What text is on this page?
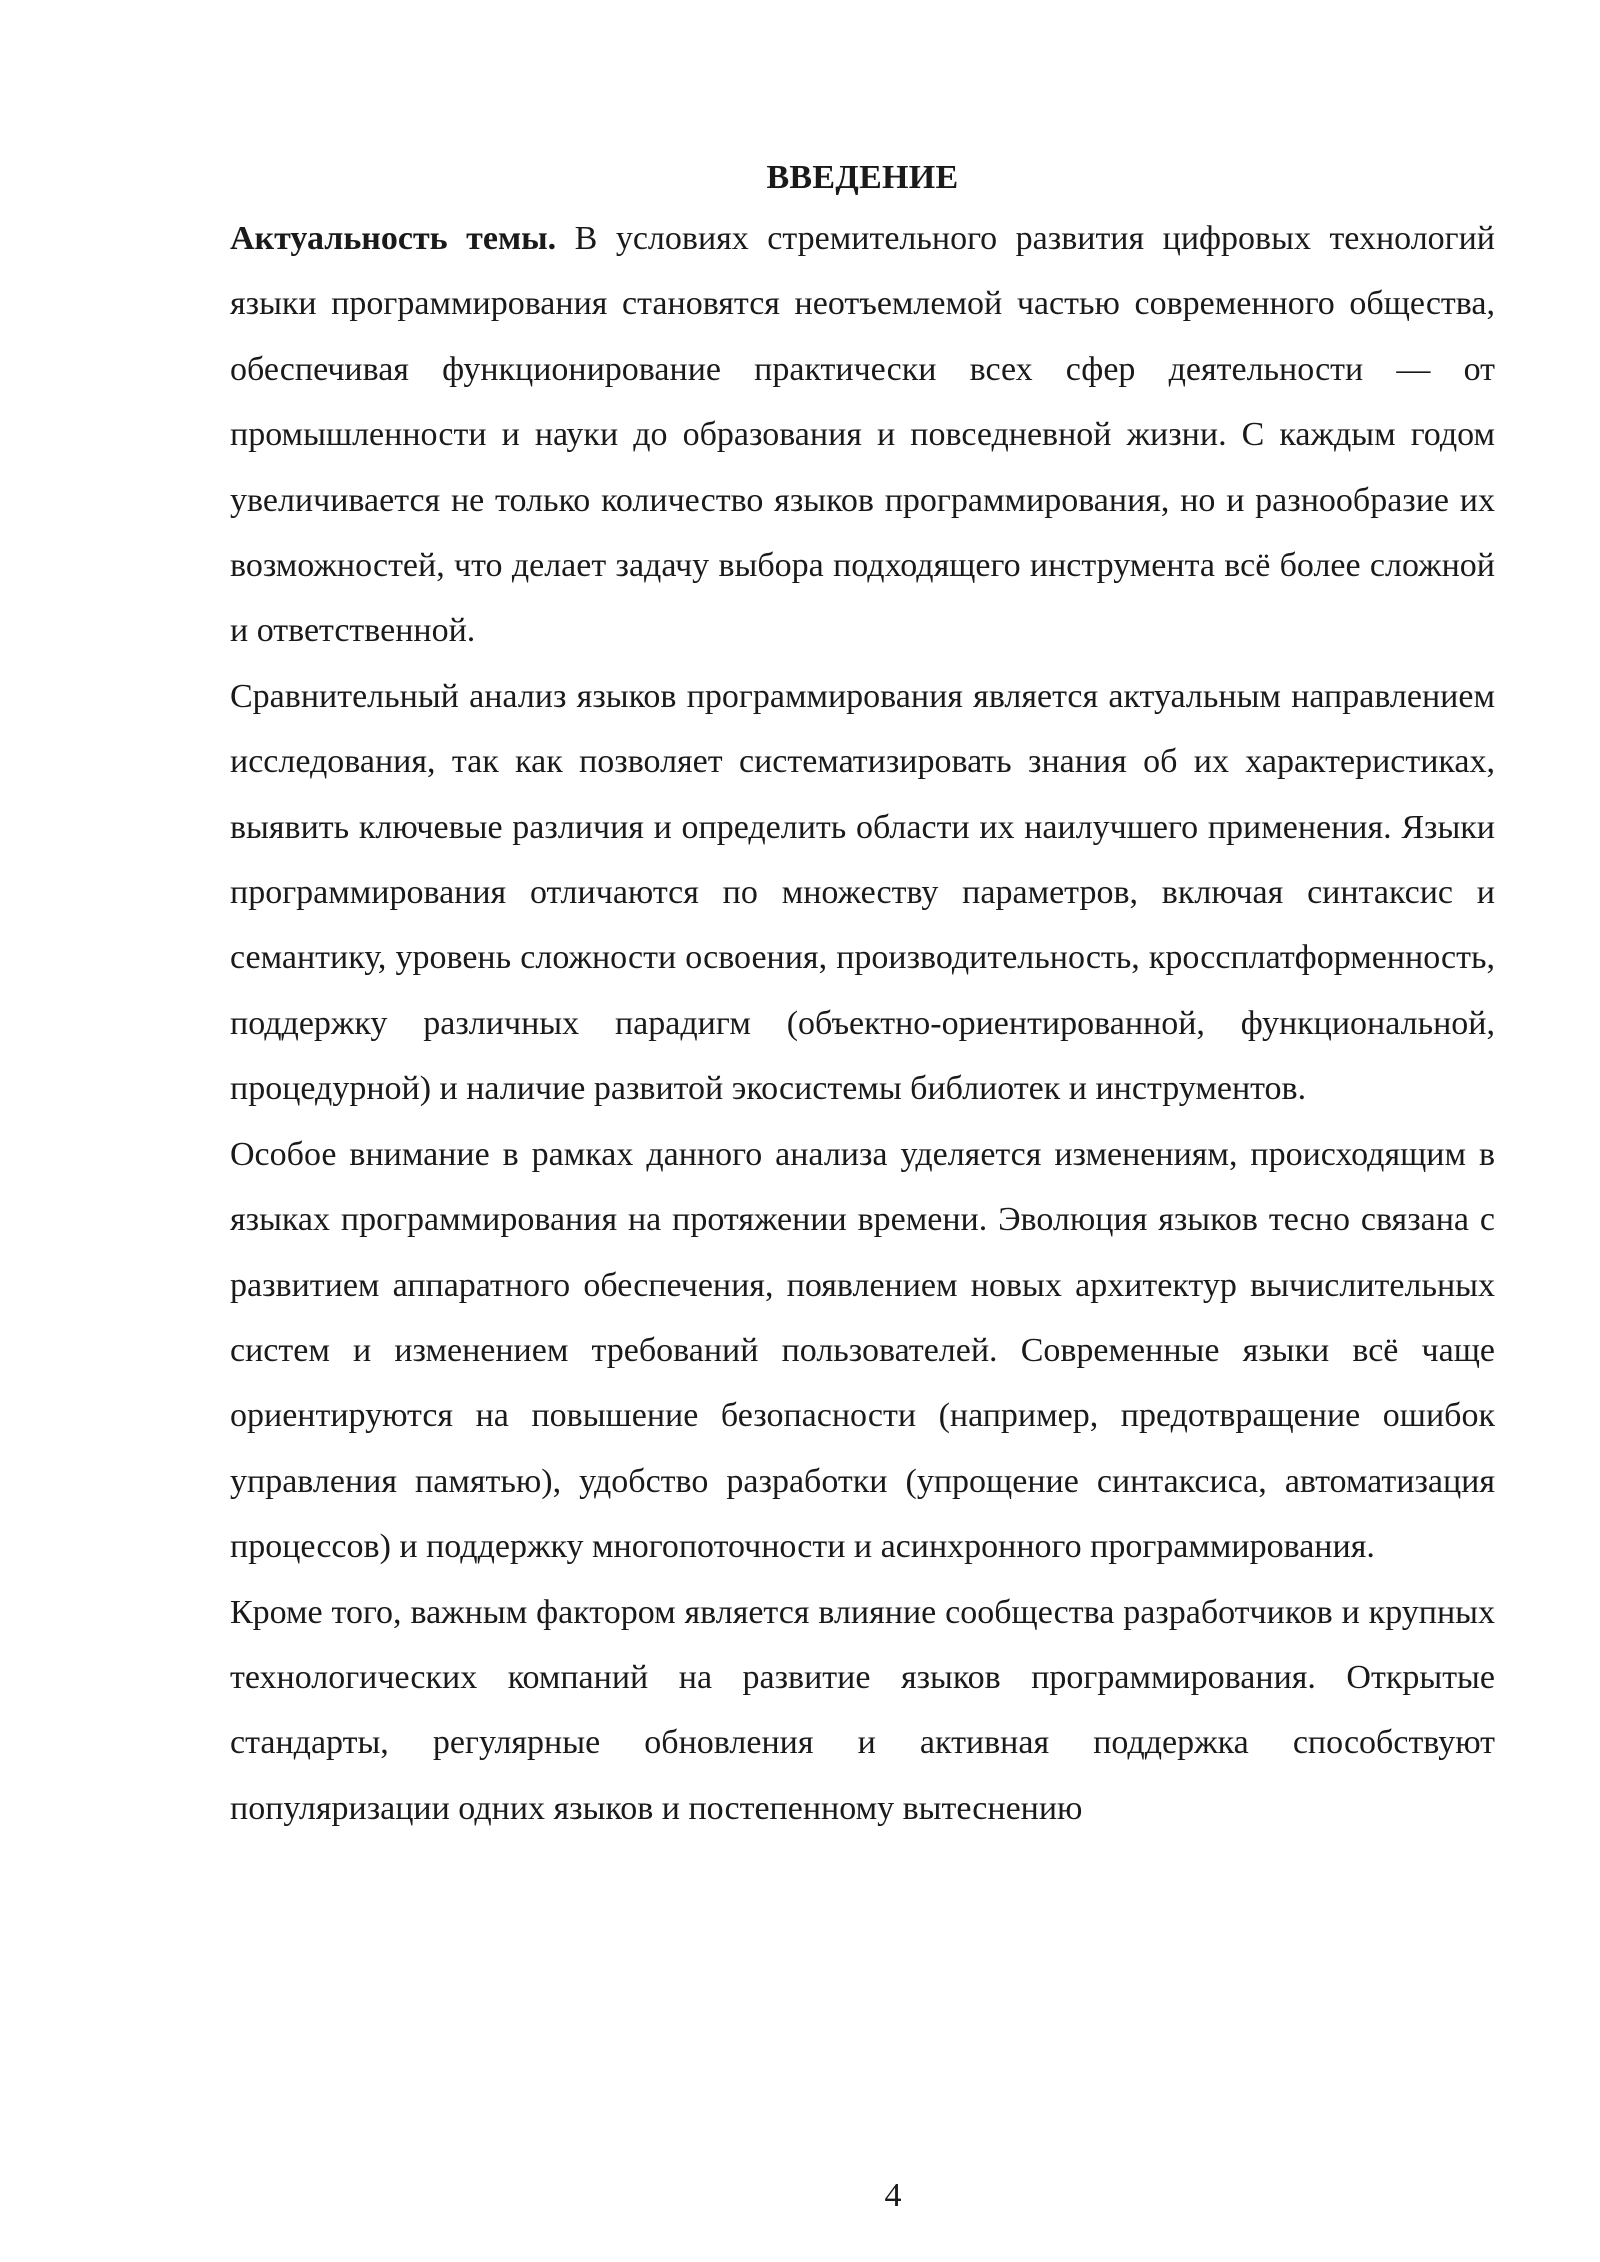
ВВЕДЕНИЕ

Актуальность темы. В условиях стремительного развития цифровых технологий языки программирования становятся неотъемлемой частью современного общества, обеспечивая функционирование практически всех сфер деятельности — от промышленности и науки до образования и повседневной жизни. С каждым годом увеличивается не только количество языков программирования, но и разнообразие их возможностей, что делает задачу выбора подходящего инструмента всё более сложной и ответственной.

Сравнительный анализ языков программирования является актуальным направлением исследования, так как позволяет систематизировать знания об их характеристиках, выявить ключевые различия и определить области их наилучшего применения. Языки программирования отличаются по множеству параметров, включая синтаксис и семантику, уровень сложности освоения, производительность, кроссплатформенность, поддержку различных парадигм (объектно-ориентированной, функциональной, процедурной) и наличие развитой экосистемы библиотек и инструментов.

Особое внимание в рамках данного анализа уделяется изменениям, происходящим в языках программирования на протяжении времени. Эволюция языков тесно связана с развитием аппаратного обеспечения, появлением новых архитектур вычислительных систем и изменением требований пользователей. Современные языки всё чаще ориентируются на повышение безопасности (например, предотвращение ошибок управления памятью), удобство разработки (упрощение синтаксиса, автоматизация процессов) и поддержку многопоточности и асинхронного программирования.

Кроме того, важным фактором является влияние сообщества разработчиков и крупных технологических компаний на развитие языков программирования. Открытые стандарты, регулярные обновления и активная поддержка способствуют популяризации одних языков и постепенному вытеснению

4
